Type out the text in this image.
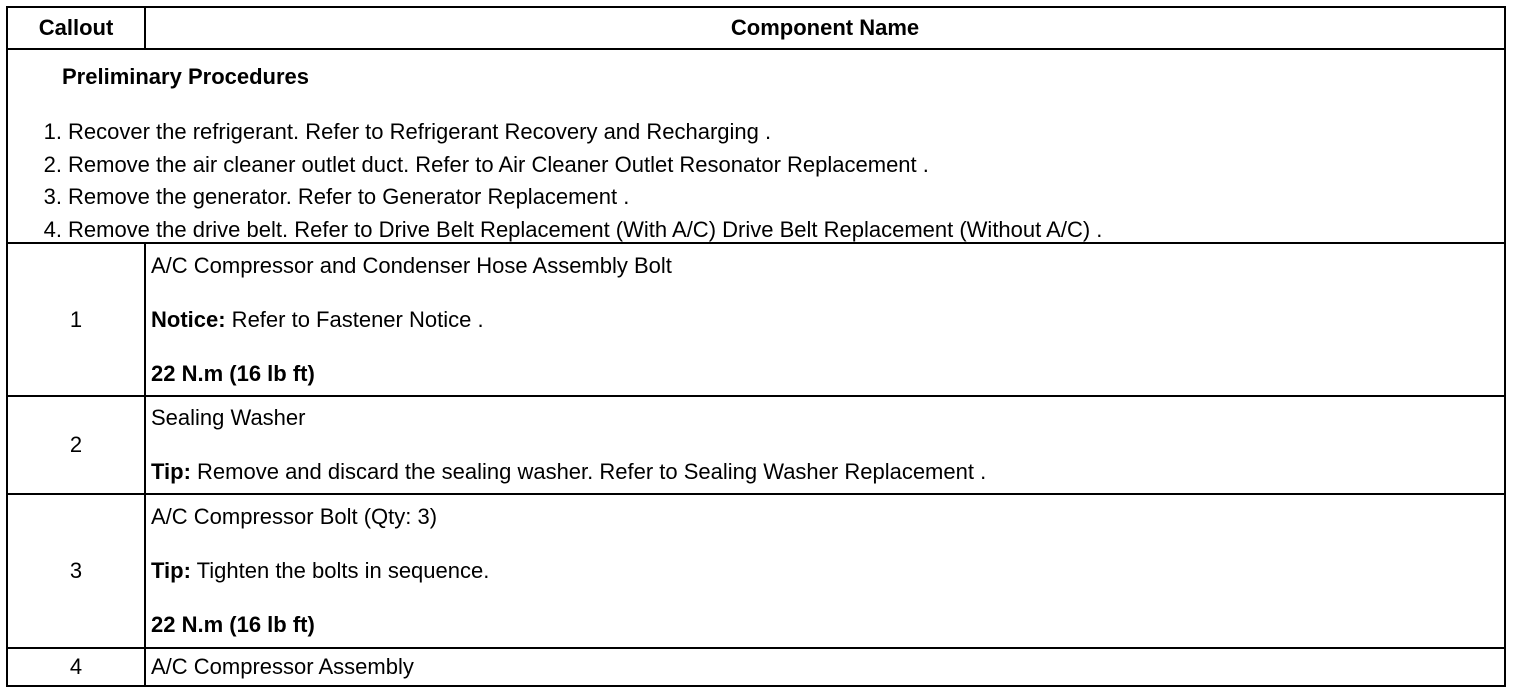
Callout	Component Name
Preliminary Procedures
1. Recover the refrigerant. Refer to Refrigerant Recovery and Recharging .
2. Remove the air cleaner outlet duct. Refer to Air Cleaner Outlet Resonator Replacement .
3. Remove the generator. Refer to Generator Replacement .
4. Remove the drive belt. Refer to Drive Belt Replacement (With A/C) Drive Belt Replacement (Without A/C) .
1
A/C Compressor and Condenser Hose Assembly Bolt
Notice: Refer to Fastener Notice .
22 N.m (16 lb ft)
2
Sealing Washer
Tip: Remove and discard the sealing washer. Refer to Sealing Washer Replacement .
3
A/C Compressor Bolt (Qty: 3)
Tip: Tighten the bolts in sequence.
22 N.m (16 lb ft)
4	A/C Compressor Assembly
